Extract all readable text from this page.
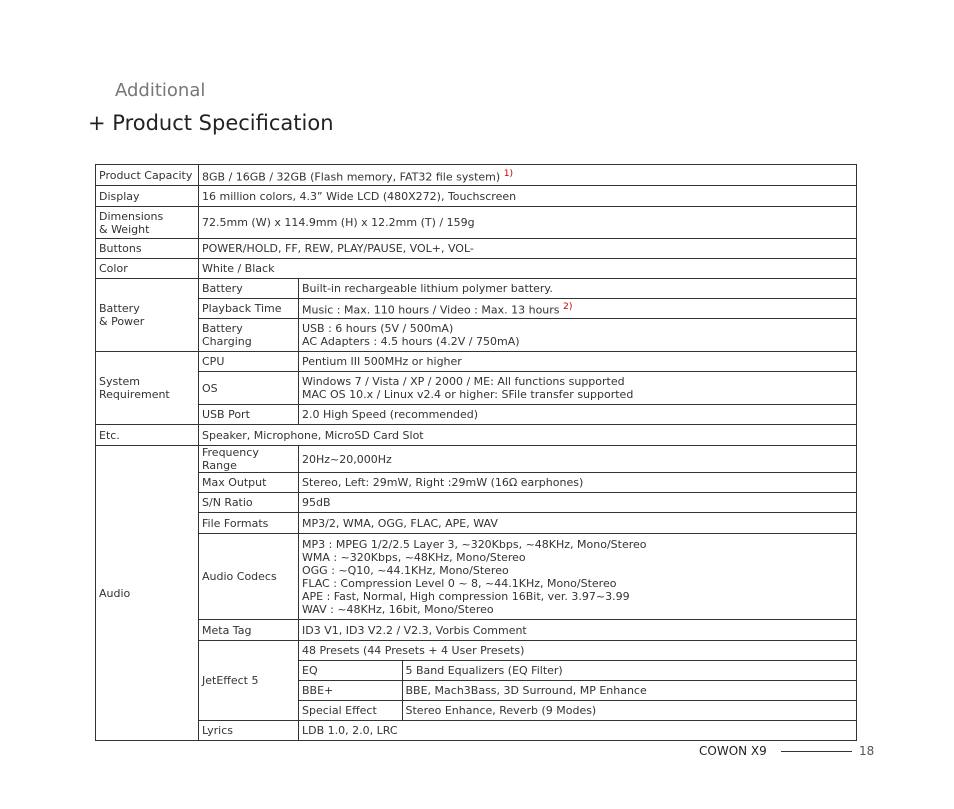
Additional
+ Product Specification
Product Capacity	8GB / 16GB / 32GB (Flash memory, FAT32 file system) $^{1)}$
Display	16 million colors, 4.3” Wide LCD (480X272), Touchscreen
Dimensions
& Weight	72.5mm (W) x 114.9mm (H) x 12.2mm (T) / 159g
Buttons	POWER/HOLD, FF, REW, PLAY/PAUSE, VOL+, VOL-
Color	White / Black
Battery
& Power	Battery	Built-in rechargeable lithium polymer battery.
Playback Time	Music : Max. 110 hours / Video : Max. 13 hours $^{2)}$
Battery Charging	USB : 6 hours (5V / 500mA)
AC Adapters : 4.5 hours (4.2V / 750mA)
System
Requirement	CPU	Pentium III 500MHz or higher
OS	Windows 7 / Vista / XP / 2000 / ME: All functions supported
MAC OS 10.x / Linux v2.4 or higher: SFile transfer supported
USB Port	2.0 High Speed (recommended)
Etc.	Speaker, Microphone, MicroSD Card Slot
Audio	Frequency Range	20Hz~20,000Hz
Max Output	Stereo, Left: 29mW, Right :29mW (16Ω earphones)
S/N Ratio	95dB
File Formats	MP3/2, WMA, OGG, FLAC, APE, WAV
Audio Codecs	MP3 : MPEG 1/2/2.5 Layer 3, ~320Kbps, ~48KHz, Mono/Stereo
WMA : ~320Kbps, ~48KHz, Mono/Stereo
OGG : ~Q10, ~44.1KHz, Mono/Stereo
FLAC : Compression Level 0 ~ 8, ~44.1KHz, Mono/Stereo
APE : Fast, Normal, High compression 16Bit, ver. 3.97~3.99
WAV : ~48KHz, 16bit, Mono/Stereo
Meta Tag	ID3 V1, ID3 V2.2 / V2.3, Vorbis Comment
JetEffect 5	48 Presets (44 Presets + 4 User Presets)

EQ	5 Band Equalizers (EQ Filter)
BBE+	BBE, Mach3Bass, 3D Surround, MP Enhance
Special Effect	Stereo Enhance, Reverb (9 Modes)

Lyrics	LDB 1.0, 2.0, LRC
COWON X9	18
